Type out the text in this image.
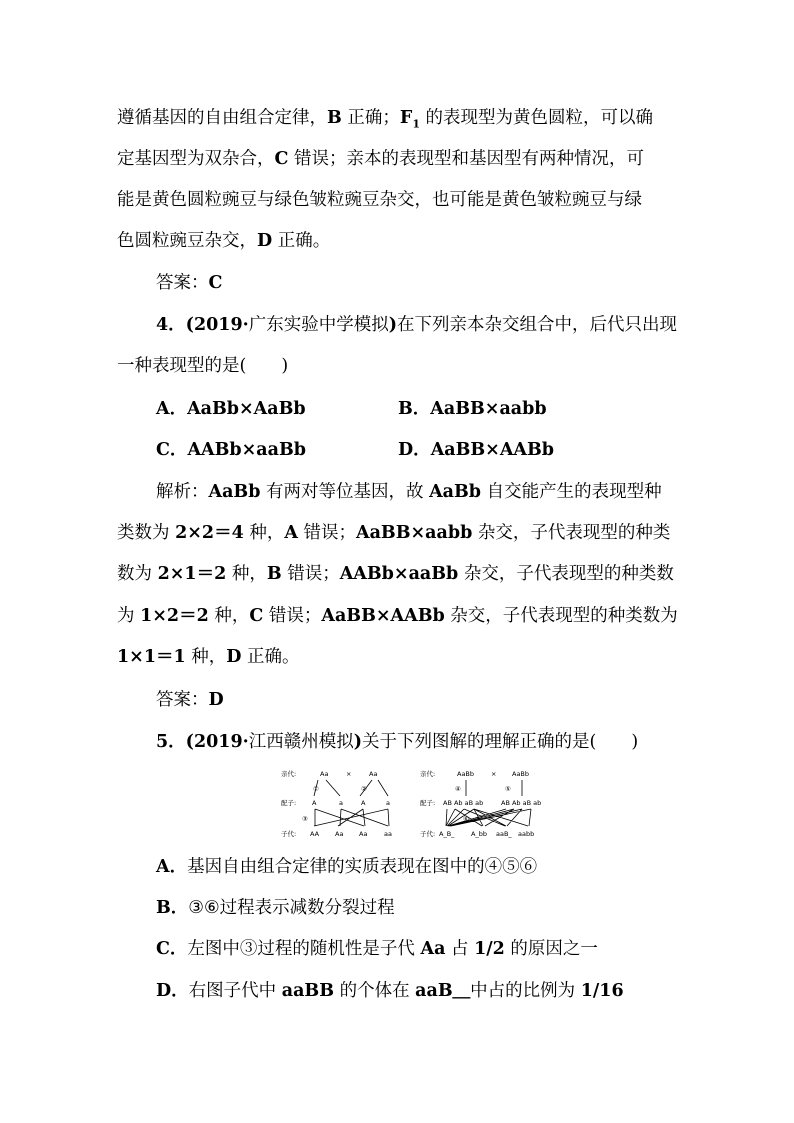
遵循基因的自由组合定律，B 正确；$F_1$ 的表现型为黄色圆粒，可以确
定基因型为双杂合，C 错误；亲本的表现型和基因型有两种情况，可
能是黄色圆粒豌豆与绿色皱粒豌豆杂交，也可能是黄色皱粒豌豆与绿
色圆粒豌豆杂交，D 正确。
答案：C
4．(2019·广东实验中学模拟)在下列亲本杂交组合中，后代只出现
一种表现型的是(　　)
A．AaBb×AaBb	B．AaBB×aabb
C．AABb×aaBb	D．AaBB×AABb
解析：AaBb 有两对等位基因，故 AaBb 自交能产生的表现型种
类数为 2×2＝4 种，A 错误；AaBB×aabb 杂交，子代表现型的种类
数为 2×1＝2 种，B 错误；AABb×aaBb 杂交，子代表现型的种类数
为 1×2＝2 种，C 错误；AaBB×AABb 杂交，子代表现型的种类数为
1×1＝1 种，D 正确。
答案：D
5．(2019·江西赣州模拟)关于下列图解的理解正确的是(　　)
亲代:	Aa	×	Aa
①	②
配子: A	a	A	a
③
子代: AA Aa Aa	aa
亲代:	AaBb	× AaBb
④	⑤
配子: AB Ab aB ab	AB Ab aB ab
⑥
子代: A_B_	A_bb aaB_ aabb
A．基因自由组合定律的实质表现在图中的④⑤⑥
B．③⑥过程表示减数分裂过程
C．左图中③过程的随机性是子代 Aa 占 1/2 的原因之一
D．右图子代中 aaBB 的个体在 aaB＿中占的比例为 1/16
